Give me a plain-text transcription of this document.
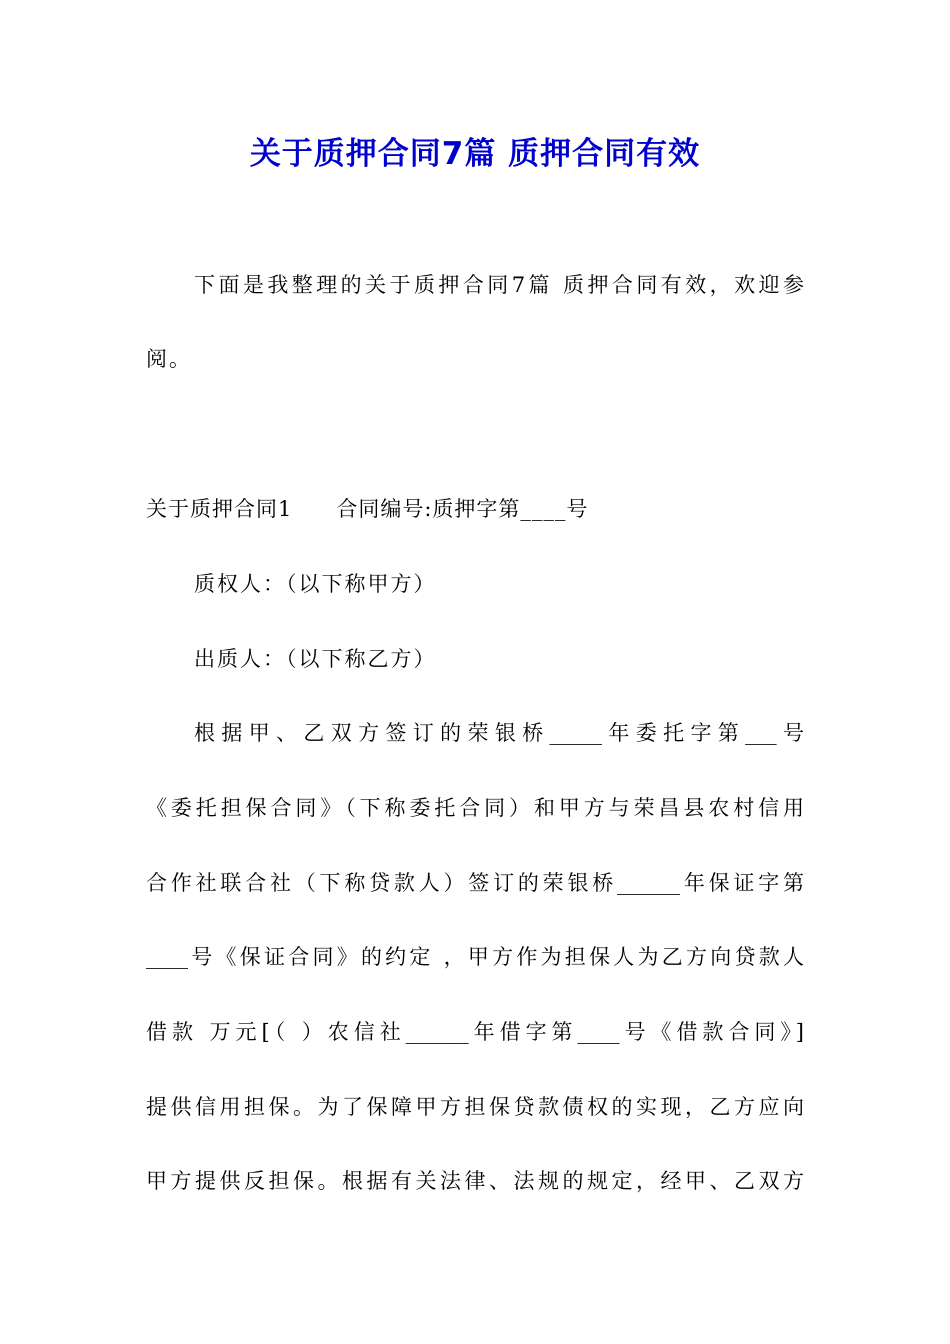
关于质押合同7篇 质押合同有效
下面是我整理的关于质押合同7篇 质押合同有效，欢迎参
阅。
关于质押合同1　　合同编号:质押字第____号
质权人：（以下称甲方）
出质人：（以下称乙方）
根据甲、乙双方签订的荣银桥_____年委托字第___号
《委托担保合同》（下称委托合同）和甲方与荣昌县农村信用
合作社联合社（下称贷款人）签订的荣银桥______年保证字第
____号《保证合同》的约定 ，甲方作为担保人为乙方向贷款人
借款 万元[（ ）农信社______年借字第____号《借款合同》]
提供信用担保。为了保障甲方担保贷款债权的实现，乙方应向
甲方提供反担保。根据有关法律、法规的规定，经甲、乙双方
